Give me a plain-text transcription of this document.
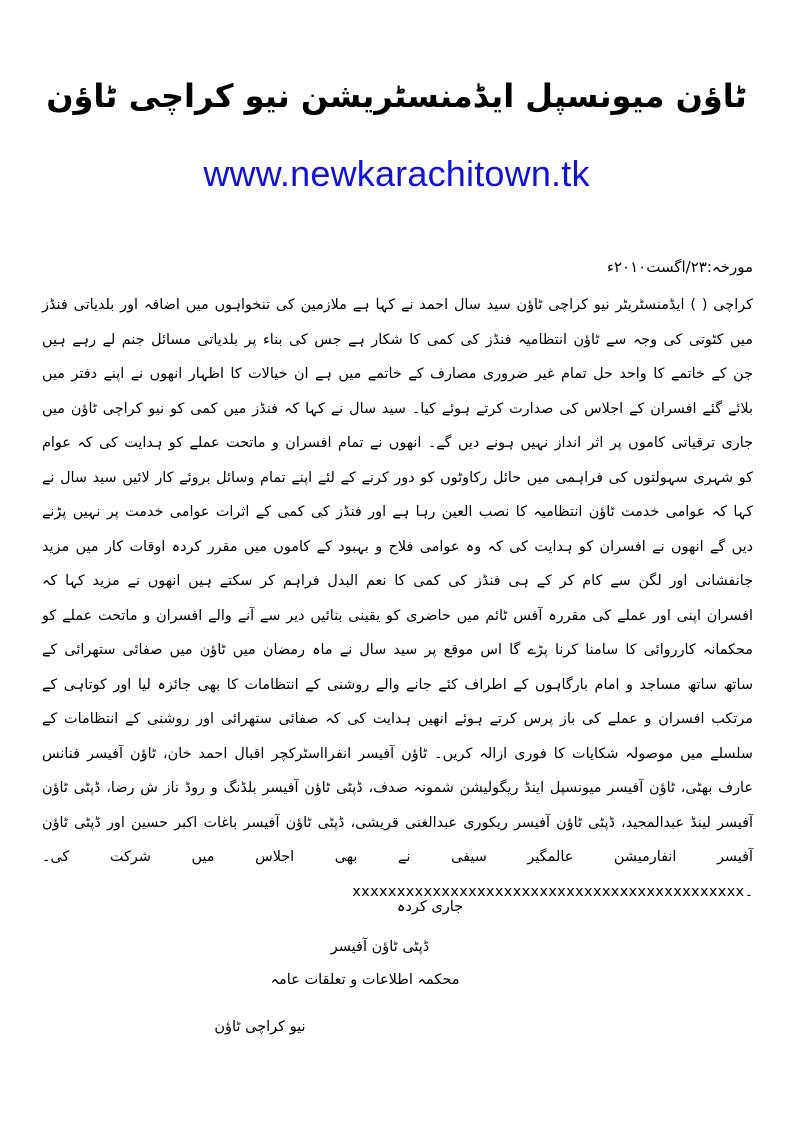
ٹاؤن میونسپل ایڈمنسٹریشن نیو کراچی ٹاؤن
www.newkarachitown.tk
مورخہ:۲۳/اگست۲۰۱۰ء
کراچی ( ) ایڈمنسٹریٹر نیو کراچی ٹاؤن سید سال احمد نے کہا ہے ملازمین کی تنخواہوں میں اضافہ اور بلدیاتی فنڈز میں کٹوتی کی وجہ سے ٹاؤن انتظامیہ فنڈز کی کمی کا شکار ہے جس کی بناء پر بلدیاتی مسائل جنم لے رہے ہیں جن کے خاتمے کا واحد حل تمام غیر ضروری مصارف کے خاتمے میں ہے ان خیالات کا اظہار انھوں نے اپنے دفتر میں بلائے گئے افسران کے اجلاس کی صدارت کرتے ہوئے کیا۔ سید سال نے کہا کہ فنڈز میں کمی کو نیو کراچی ٹاؤن میں جاری ترقیاتی کاموں پر اثر انداز نہیں ہونے دیں گے۔ انھوں نے تمام افسران و ماتحت عملے کو ہدایت کی کہ عوام کو شہری سہولتوں کی فراہمی میں حائل رکاوٹوں کو دور کرنے کے لئے اپنے تمام وسائل بروئے کار لائیں سید سال نے کہا کہ عوامی خدمت ٹاؤن انتظامیہ کا نصب العین رہا ہے اور فنڈز کی کمی کے اثرات عوامی خدمت پر نہیں پڑنے دیں گے انھوں نے افسران کو ہدایت کی کہ وہ عوامی فلاح و بہبود کے کاموں میں مقرر کردہ اوقات کار میں مزید جانفشانی اور لگن سے کام کر کے ہی فنڈز کی کمی کا نعم البدل فراہم کر سکتے ہیں انھوں نے مزید کہا کہ افسران اپنی اور عملے کی مقررہ آفس ٹائم میں حاضری کو یقینی بنائیں دیر سے آنے والے افسران و ماتحت عملے کو محکمانہ کارروائی کا سامنا کرنا پڑے گا اس موقع پر سید سال نے ماہ رمضان میں ٹاؤن میں صفائی ستھرائی کے ساتھ ساتھ مساجد و امام بارگاہوں کے اطراف کئے جانے والے روشنی کے انتظامات کا بھی جائزہ لیا اور کوتاہی کے مرتکب افسران و عملے کی باز پرس کرتے ہوئے انھیں ہدایت کی کہ صفائی ستھرائی اور روشنی کے انتظامات کے سلسلے میں موصولہ شکایات کا فوری ازالہ کریں۔ ٹاؤن آفیسر انفرااسٹرکچر اقبال احمد خان، ٹاؤن آفیسر فنانس عارف بھٹی، ٹاؤن آفیسر میونسپل اینڈ ریگولیشن شمونہ صدف، ڈپٹی ٹاؤن آفیسر بلڈنگ و روڈ ناز ش رضا، ڈپٹی ٹاؤن آفیسر لینڈ عبدالمجید، ڈپٹی ٹاؤن آفیسر ریکوری عبدالغنی قریشی، ڈپٹی ٹاؤن آفیسر باغات اکبر حسین اور ڈپٹی ٹاؤن آفیسر انفارمیشن عالمگیر سیفی نے بھی اجلاس میں شرکت کی۔ xxxxxxxxxxxxxxxxxxxxxxxxxxxxxxxxxxxxxxxxxxxx۔
جاری کردہ
ڈپٹی ٹاؤن آفیسر
محکمہ اطلاعات و تعلقات عامہ
نیو کراچی ٹاؤن
